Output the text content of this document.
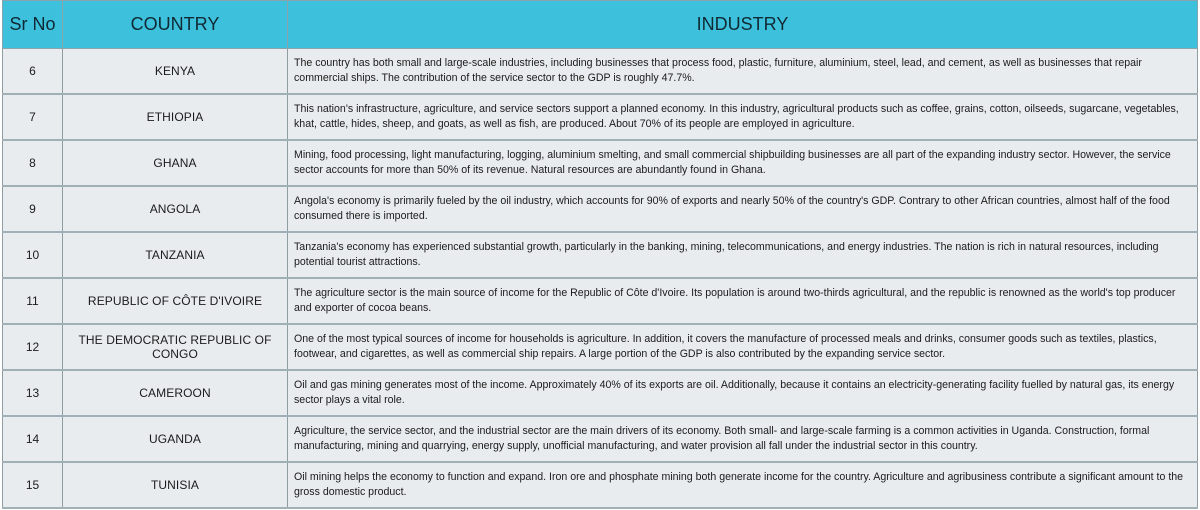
Sr No	COUNTRY	INDUSTRY
6	KENYA	The country has both small and large-scale industries, including businesses that process food, plastic, furniture, aluminium, steel, lead, and cement, as well as businesses that repair commercial ships. The contribution of the service sector to the GDP is roughly 47.7%.
7	ETHIOPIA	This nation's infrastructure, agriculture, and service sectors support a planned economy. In this industry, agricultural products such as coffee, grains, cotton, oilseeds, sugarcane, vegetables, khat, cattle, hides, sheep, and goats, as well as fish, are produced. About 70% of its people are employed in agriculture.
8	GHANA	Mining, food processing, light manufacturing, logging, aluminium smelting, and small commercial shipbuilding businesses are all part of the expanding industry sector. However, the service sector accounts for more than 50% of its revenue. Natural resources are abundantly found in Ghana.
9	ANGOLA	Angola's economy is primarily fueled by the oil industry, which accounts for 90% of exports and nearly 50% of the country's GDP. Contrary to other African countries, almost half of the food consumed there is imported.
10	TANZANIA	Tanzania's economy has experienced substantial growth, particularly in the banking, mining, telecommunications, and energy industries. The nation is rich in natural resources, including potential tourist attractions.
11	REPUBLIC OF CÔTE D'IVOIRE	The agriculture sector is the main source of income for the Republic of Côte d'Ivoire. Its population is around two-thirds agricultural, and the republic is renowned as the world's top producer and exporter of cocoa beans.
12	THE DEMOCRATIC REPUBLIC OF CONGO	One of the most typical sources of income for households is agriculture. In addition, it covers the manufacture of processed meals and drinks, consumer goods such as textiles, plastics, footwear, and cigarettes, as well as commercial ship repairs. A large portion of the GDP is also contributed by the expanding service sector.
13	CAMEROON	Oil and gas mining generates most of the income. Approximately 40% of its exports are oil. Additionally, because it contains an electricity-generating facility fuelled by natural gas, its energy sector plays a vital role.
14	UGANDA	Agriculture, the service sector, and the industrial sector are the main drivers of its economy. Both small- and large-scale farming is a common activities in Uganda. Construction, formal manufacturing, mining and quarrying, energy supply, unofficial manufacturing, and water provision all fall under the industrial sector in this country.
15	TUNISIA	Oil mining helps the economy to function and expand. Iron ore and phosphate mining both generate income for the country. Agriculture and agribusiness contribute a significant amount to the gross domestic product.
